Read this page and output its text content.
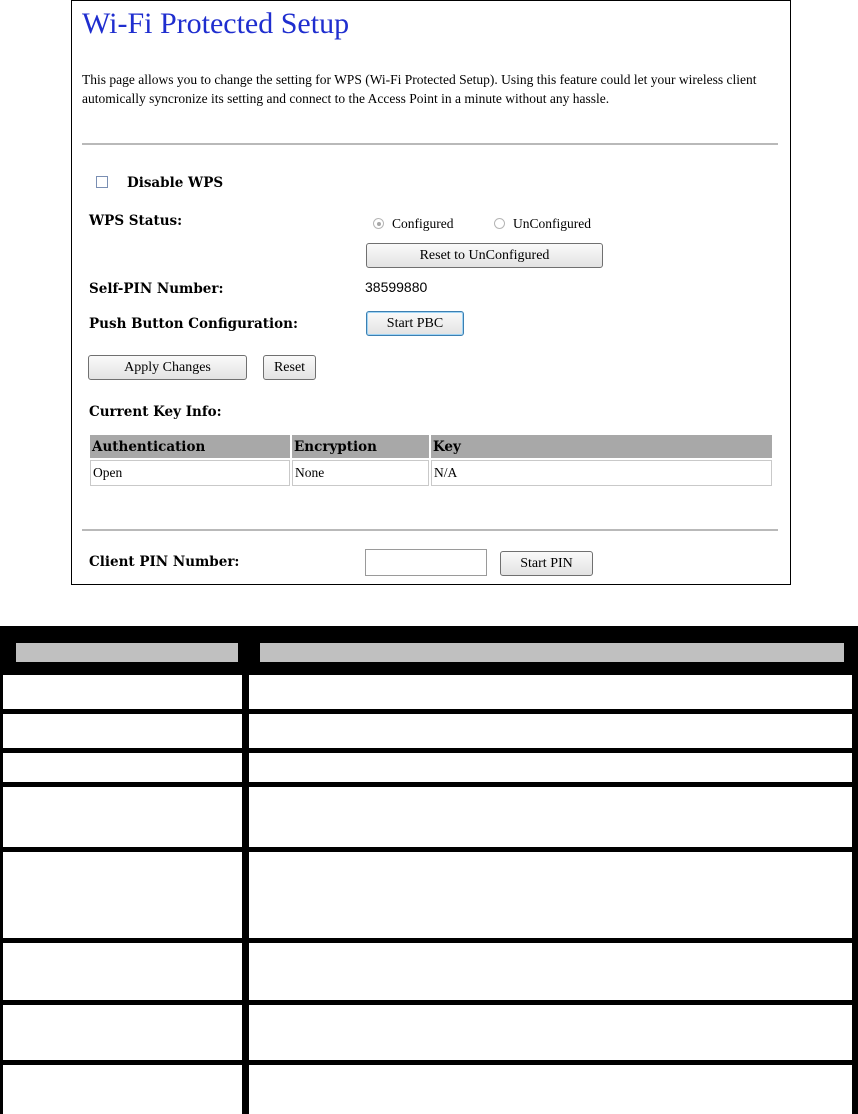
Wi-Fi Protected Setup
This page allows you to change the setting for WPS (Wi-Fi Protected Setup). Using this feature could let your wireless client automically syncronize its setting and connect to the Access Point in a minute without any hassle.
Disable WPS
WPS Status:	Configured	UnConfigured
Reset to UnConfigured
Self-PIN Number:	38599880
Push Button Configuration:	Start PBC
Apply Changes	Reset
Current Key Info:
Authentication	Encryption	Key
Open	None	N/A
Client PIN Number:	Start PIN
